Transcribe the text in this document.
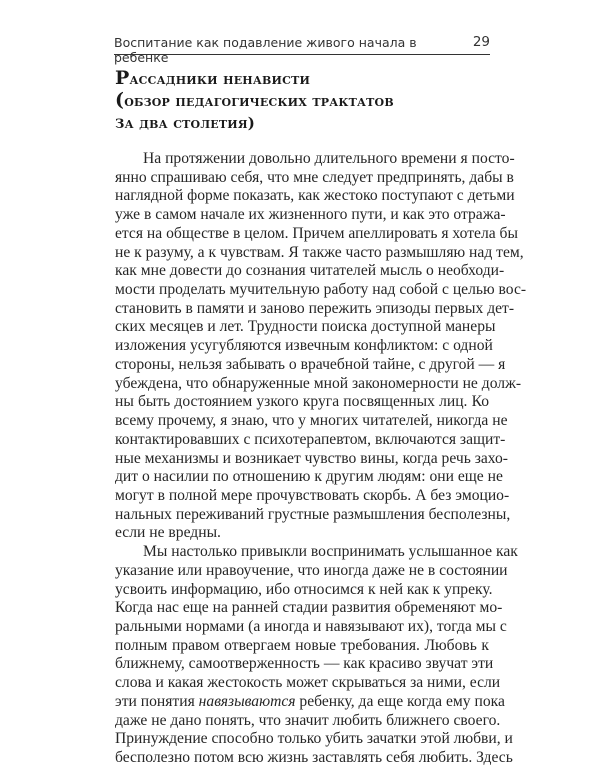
Воспитание как подавление живого начала в ребенке
29
Рассадники ненависти
(обзор педагогических трактатов
за два столетия)
На протяжении довольно длительного времени я посто-
янно спрашиваю себя, что мне следует предпринять, дабы в
наглядной форме показать, как жестоко поступают с детьми
уже в самом начале их жизненного пути, и как это отража-
ется на обществе в целом. Причем апеллировать я хотела бы
не к разуму, а к чувствам. Я также часто размышляю над тем,
как мне довести до сознания читателей мысль о необходи-
мости проделать мучительную работу над собой с целью вос-
становить в памяти и заново пережить эпизоды первых дет-
ских месяцев и лет. Трудности поиска доступной манеры
изложения усугубляются извечным конфликтом: с одной
стороны, нельзя забывать о врачебной тайне, с другой — я
убеждена, что обнаруженные мной закономерности не долж-
ны быть достоянием узкого круга посвященных лиц. Ко
всему прочему, я знаю, что у многих читателей, никогда не
контактировавших с психотерапевтом, включаются защит-
ные механизмы и возникает чувство вины, когда речь захо-
дит о насилии по отношению к другим людям: они еще не
могут в полной мере прочувствовать скорбь. А без эмоцио-
нальных переживаний грустные размышления бесполезны,
если не вредны.
Мы настолько привыкли воспринимать услышанное как
указание или нравоучение, что иногда даже не в состоянии
усвоить информацию, ибо относимся к ней как к упреку.
Когда нас еще на ранней стадии развития обременяют мо-
ральными нормами (а иногда и навязывают их), тогда мы с
полным правом отвергаем новые требования. Любовь к
ближнему, самоотверженность — как красиво звучат эти
слова и какая жестокость может скрываться за ними, если
эти понятия навязываются ребенку, да еще когда ему пока
даже не дано понять, что значит любить ближнего своего.
Принуждение способно только убить зачатки этой любви, и
бесполезно потом всю жизнь заставлять себя любить. Здесь
